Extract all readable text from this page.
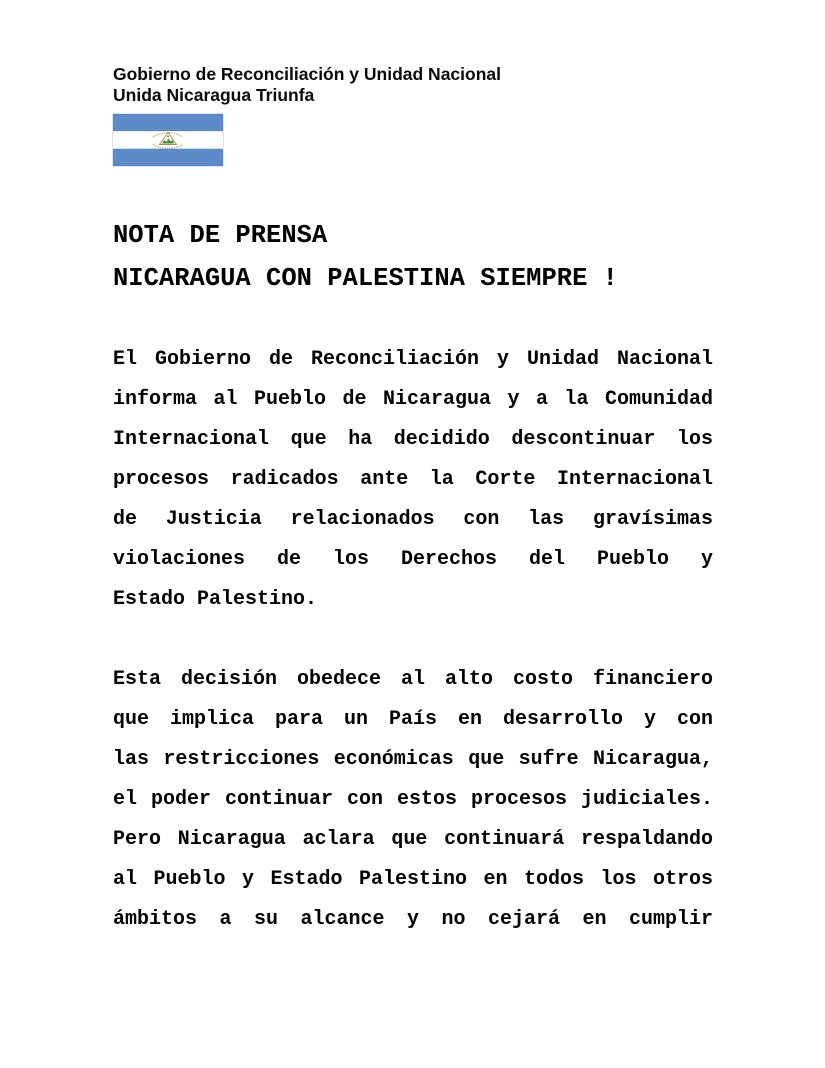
Gobierno de Reconciliación y Unidad Nacional
Unida Nicaragua Triunfa
NOTA DE PRENSA
NICARAGUA CON PALESTINA SIEMPRE !
El Gobierno de Reconciliación y Unidad Nacional
informa al Pueblo de Nicaragua y a la Comunidad
Internacional que ha decidido descontinuar los
procesos radicados ante la Corte Internacional
de Justicia relacionados con las gravísimas
violaciones de los Derechos del Pueblo y
Estado Palestino.
Esta decisión obedece al alto costo financiero
que implica para un País en desarrollo y con
las restricciones económicas que sufre Nicaragua,
el poder continuar con estos procesos judiciales.
Pero Nicaragua aclara que continuará respaldando
al Pueblo y Estado Palestino en todos los otros
ámbitos a su alcance y no cejará en cumplir
